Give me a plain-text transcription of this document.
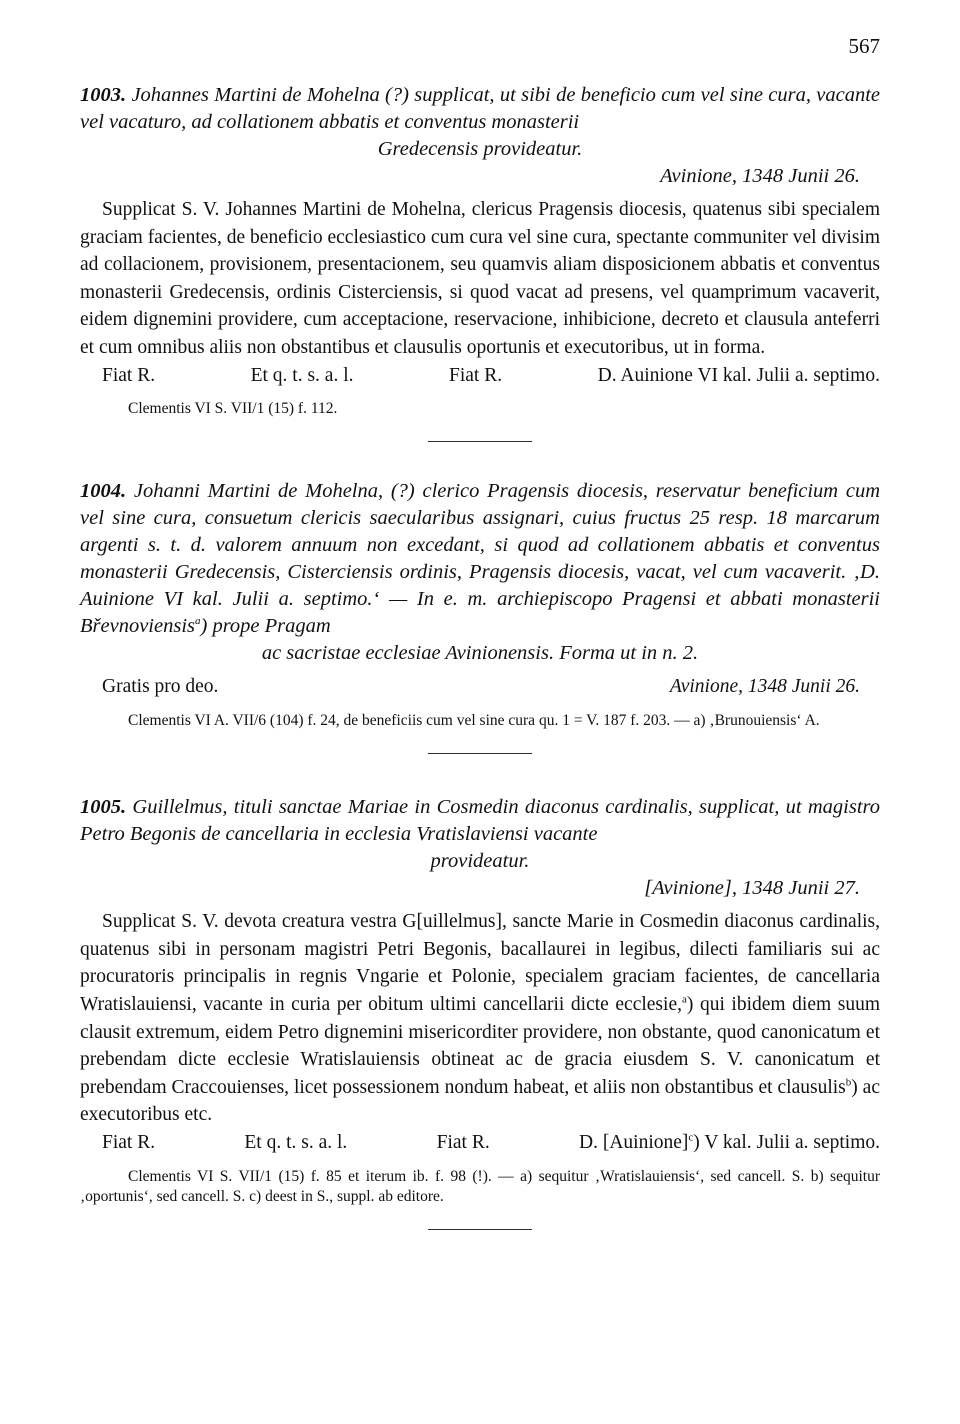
567
1003. Johannes Martini de Mohelna (?) supplicat, ut sibi de beneficio cum vel sine cura, vacante vel vacaturo, ad collationem abbatis et conventus monasterii
Gredecensis provideatur.
Avinione, 1348 Junii 26.

Supplicat S. V. Johannes Martini de Mohelna, clericus Pragensis diocesis, quatenus sibi specialem graciam facientes, de beneficio ecclesiastico cum cura vel sine cura, spectante communiter vel divisim ad collacionem, provisionem, presentacionem, seu quamvis aliam disposicionem abbatis et conventus monasterii Gredecensis, ordinis Cisterciensis, si quod vacat ad presens, vel quamprimum vacaverit, eidem dignemini providere, cum acceptacione, reservacione, inhibicione, decreto et clausula anteferri et cum omnibus aliis non obstantibus et clausulis oportunis et executoribus, ut in forma.

Fiat R.	Et q. t. s. a. l.	Fiat R.	D. Auinione VI kal. Julii a. septimo.
Clementis VI S. VII/1 (15) f. 112.
1004. Johanni Martini de Mohelna, (?) clerico Pragensis diocesis, reservatur beneficium cum vel sine cura, consuetum clericis saecularibus assignari, cuius fructus 25 resp. 18 marcarum argenti s. t. d. valorem annuum non excedant, si quod ad collationem abbatis et conventus monasterii Gredecensis, Cisterciensis ordinis, Pragensis diocesis, vacat, vel cum vacaverit. ‚D. Auinione VI kal. Julii a. septimo.‘ — In e. m. archiepiscopo Pragensi et abbati monasterii Břevnoviensis$^a$) prope Pragam
ac sacristae ecclesiae Avinionensis. Forma ut in n. 2.
Gratis pro deo.	Avinione, 1348 Junii 26.
Clementis VI A. VII/6 (104) f. 24, de beneficiis cum vel sine cura qu. 1 = V. 187 f. 203. — a) ‚Brunouiensis‘ A.
1005. Guillelmus, tituli sanctae Mariae in Cosmedin diaconus cardinalis, supplicat, ut magistro Petro Begonis de cancellaria in ecclesia Vratislaviensi vacante
provideatur.
[Avinione], 1348 Junii 27.

Supplicat S. V. devota creatura vestra G[uillelmus], sancte Marie in Cosmedin diaconus cardinalis, quatenus sibi in personam magistri Petri Begonis, bacallaurei in legibus, dilecti familiaris sui ac procuratoris principalis in regnis Vngarie et Polonie, specialem graciam facientes, de cancellaria Wratislauiensi, vacante in curia per obitum ultimi cancellarii dicte ecclesie,$^a$) qui ibidem diem suum clausit extremum, eidem Petro dignemini misericorditer providere, non obstante, quod canonicatum et prebendam dicte ecclesie Wratislauiensis obtineat ac de gracia eiusdem S. V. canonicatum et prebendam Craccouienses, licet possessionem nondum habeat, et aliis non obstantibus et clausulis$^b$) ac executoribus etc.

Fiat R.	Et q. t. s. a. l.	Fiat R.	D. [Auinione]$^c$) V kal. Julii a. septimo.
Clementis VI S. VII/1 (15) f. 85 et iterum ib. f. 98 (!). — a) sequitur ‚Wratislauiensis‘, sed cancell. S. b) sequitur ‚oportunis‘, sed cancell. S. c) deest in S., suppl. ab editore.
